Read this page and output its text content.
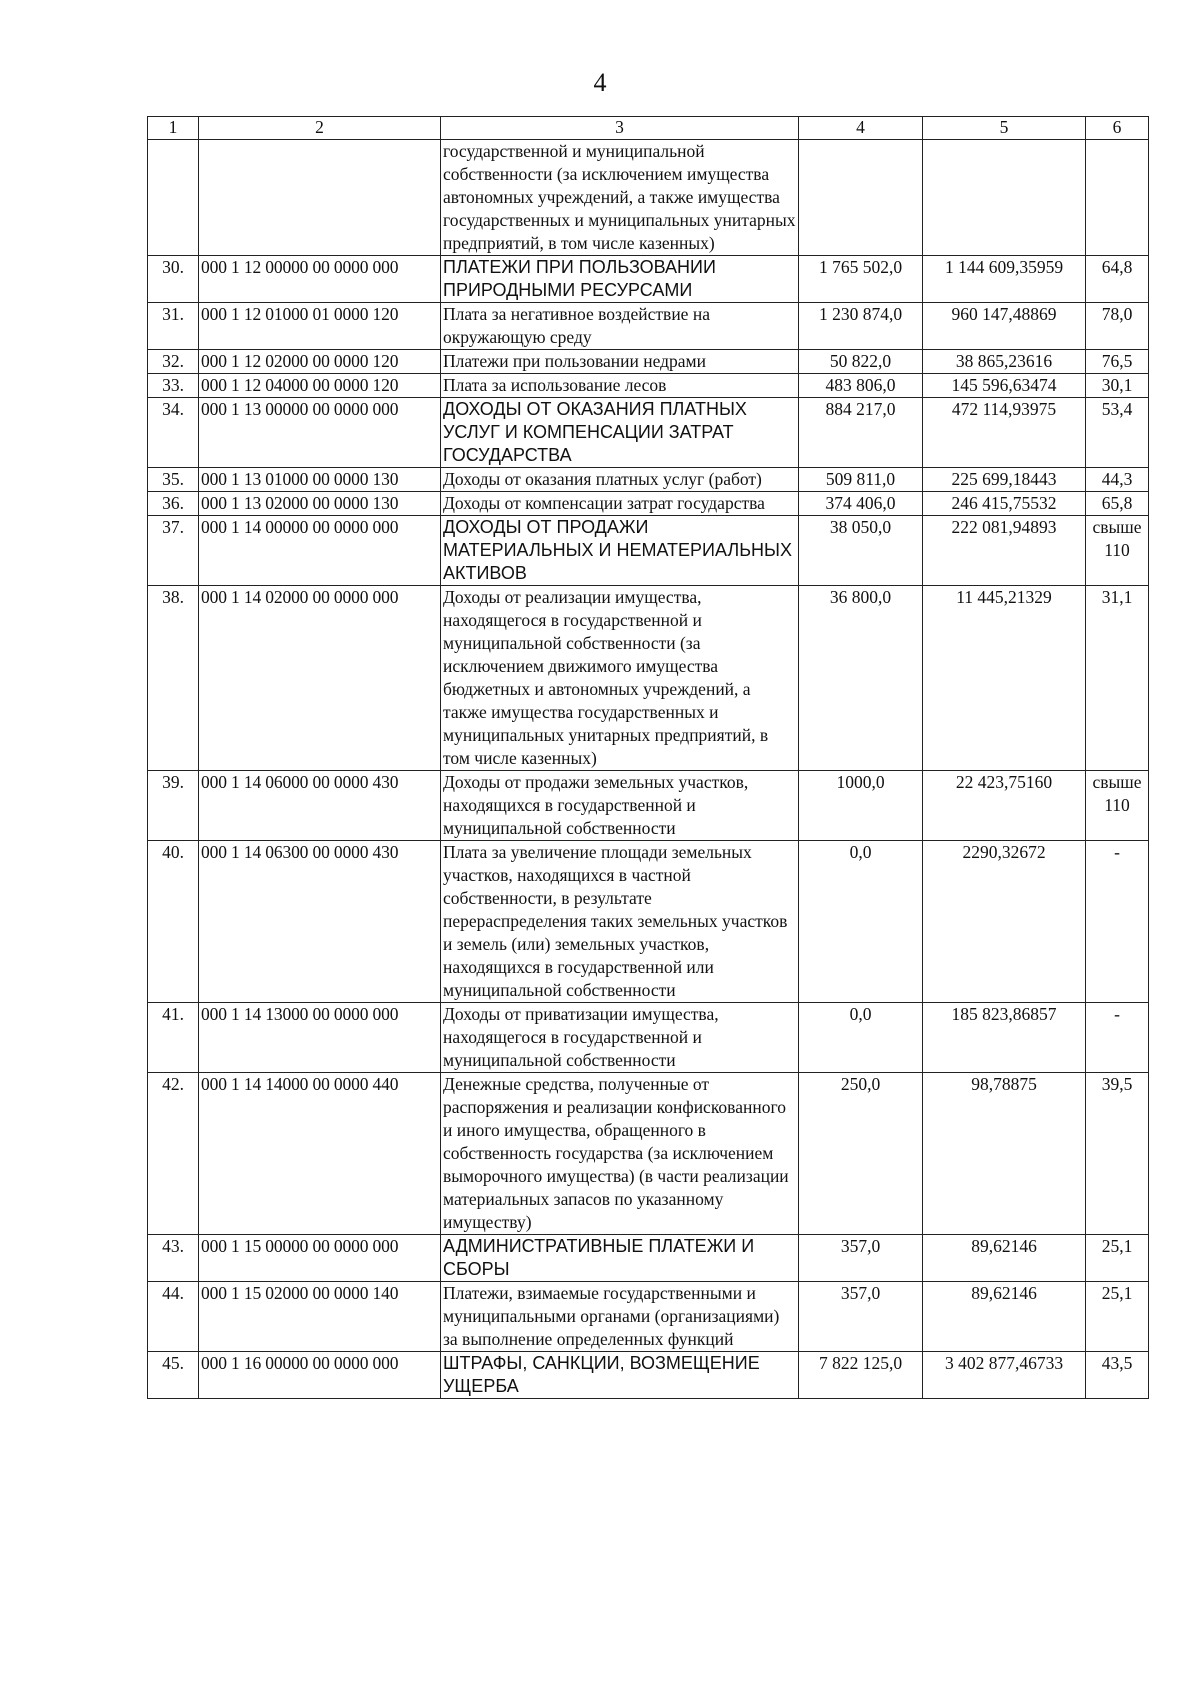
4
1	2	3	4	5	6
		государственной и муниципальной собственности (за исключением имущества автономных учреждений, а также имущества государственных и муниципальных унитарных предприятий, в том числе казенных)			
30.	000 1 12 00000 00 0000 000	ПЛАТЕЖИ ПРИ ПОЛЬЗОВАНИИ ПРИРОДНЫМИ РЕСУРСАМИ	1 765 502,0	1 144 609,35959	64,8
31.	000 1 12 01000 01 0000 120	Плата за негативное воздействие на окружающую среду	1 230 874,0	960 147,48869	78,0
32.	000 1 12 02000 00 0000 120	Платежи при пользовании недрами	50 822,0	38 865,23616	76,5
33.	000 1 12 04000 00 0000 120	Плата за использование лесов	483 806,0	145 596,63474	30,1
34.	000 1 13 00000 00 0000 000	ДОХОДЫ ОТ ОКАЗАНИЯ ПЛАТНЫХ УСЛУГ И КОМПЕНСАЦИИ ЗАТРАТ ГОСУДАРСТВА	884 217,0	472 114,93975	53,4
35.	000 1 13 01000 00 0000 130	Доходы от оказания платных услуг (работ)	509 811,0	225 699,18443	44,3
36.	000 1 13 02000 00 0000 130	Доходы от компенсации затрат государства	374 406,0	246 415,75532	65,8
37.	000 1 14 00000 00 0000 000	ДОХОДЫ ОТ ПРОДАЖИ МАТЕРИАЛЬНЫХ И НЕМАТЕРИАЛЬНЫХ АКТИВОВ	38 050,0	222 081,94893	свыше 110
38.	000 1 14 02000 00 0000 000	Доходы от реализации имущества, находящегося в государственной и муниципальной собственности (за исключением движимого имущества бюджетных и автономных учреждений, а также имущества государственных и муниципальных унитарных предприятий, в том числе казенных)	36 800,0	11 445,21329	31,1
39.	000 1 14 06000 00 0000 430	Доходы от продажи земельных участков, находящихся в государственной и муниципальной собственности	1000,0	22 423,75160	свыше 110
40.	000 1 14 06300 00 0000 430	Плата за увеличение площади земельных участков, находящихся в частной собственности, в результате перераспределения таких земельных участков и земель (или) земельных участков, находящихся в государственной или муниципальной собственности	0,0	2290,32672	-
41.	000 1 14 13000 00 0000 000	Доходы от приватизации имущества, находящегося в государственной и муниципальной собственности	0,0	185 823,86857	-
42.	000 1 14 14000 00 0000 440	Денежные средства, полученные от распоряжения и реализации конфискованного и иного имущества, обращенного в собственность государства (за исключением выморочного имущества) (в части реализации материальных запасов по указанному имуществу)	250,0	98,78875	39,5
43.	000 1 15 00000 00 0000 000	АДМИНИСТРАТИВНЫЕ ПЛАТЕЖИ И СБОРЫ	357,0	89,62146	25,1
44.	000 1 15 02000 00 0000 140	Платежи, взимаемые государственными и муниципальными органами (организациями) за выполнение определенных функций	357,0	89,62146	25,1
45.	000 1 16 00000 00 0000 000	ШТРАФЫ, САНКЦИИ, ВОЗМЕЩЕНИЕ УЩЕРБА	7 822 125,0	3 402 877,46733	43,5
